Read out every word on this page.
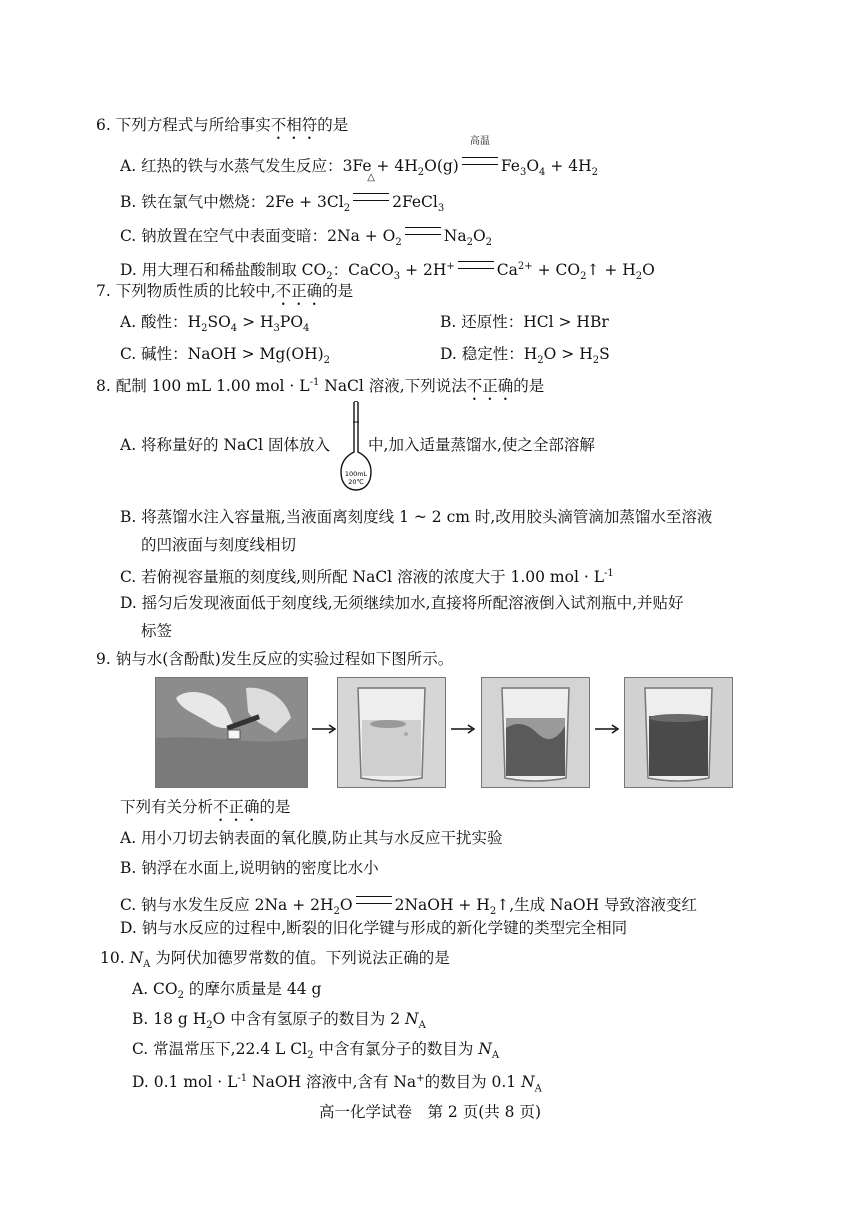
6. 下列方程式与所给事实不相符的是
A. 红热的铁与水蒸气发生反应：$3Fe + 4H_2O(g)$
高温
$Fe_3O_4 + 4H_2$
B. 铁在氯气中燃烧：$2Fe + 3Cl_2$
△
2FeCl$_3$
C. 钠放置在空气中表面变暗：$2Na + O_2$	$Na_2O_2$
D. 用大理石和稀盐酸制取 $CO_2$：CaCO$_3$ + 2H+	$Ca^{2+}$ + $CO_2↑ + H_2O$
7. 下列物质性质的比较中,不正确的是
A. 酸性：$H_2SO_4 > H_3PO_4$	B. 还原性：HCl > HBr
C. 碱性：NaOH > $Mg(OH)_2$	D. 稳定性：$H_2O > H_2S$
8. 配制 100 mL 1.00 mol · $L^{-1}$ NaCl 溶液,下列说法不正确的是
A. 将称量好的 NaCl 固体放入 中,加入适量蒸馏水,使之全部溶解
100mL
20℃
B. 将蒸馏水注入容量瓶,当液面离刻度线 1 ~ 2 cm 时,改用胶头滴管滴加蒸馏水至溶液
的凹液面与刻度线相切
C. 若俯视容量瓶的刻度线,则所配 NaCl 溶液的浓度大于 1.00 mol · $L^{-1}$
D. 摇匀后发现液面低于刻度线,无须继续加水,直接将所配溶液倒入试剂瓶中,并贴好
标签
9. 钠与水(含酚酞)发生反应的实验过程如下图所示。
下列有关分析不正确的是
A. 用小刀切去钠表面的氧化膜,防止其与水反应干扰实验
B. 钠浮在水面上,说明钠的密度比水小
C. 钠与水发生反应 $2Na + 2H_2O$	2NaOH + $H_2↑$,生成 NaOH 导致溶液变红
D. 钠与水反应的过程中,断裂的旧化学键与形成的新化学键的类型完全相同
10. $N_A$ 为阿伏加德罗常数的值。下列说法正确的是
A. $CO_2$ 的摩尔质量是 44 g
B. 18 g $H_2O$ 中含有氢原子的数目为 2 $N_A$
C. 常温常压下,22.4 L $Cl_2$ 中含有氯分子的数目为 $N_A$
D. 0.1 mol · $L^{-1}$ NaOH 溶液中,含有 Na+的数目为 0.1 $N_A$
高一化学试卷　第 2 页(共 8 页)
